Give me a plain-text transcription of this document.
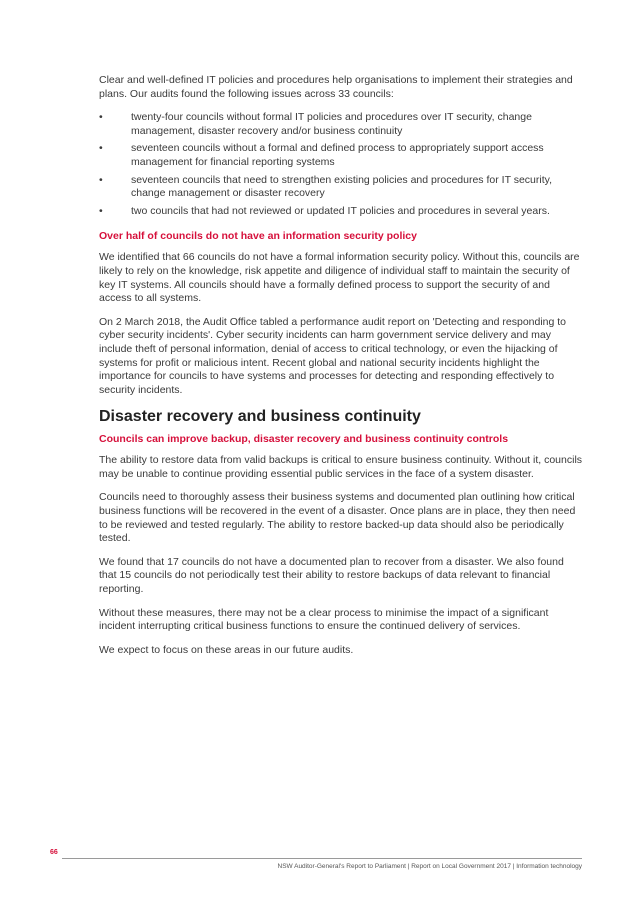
Clear and well-defined IT policies and procedures help organisations to implement their strategies and plans. Our audits found the following issues across 33 councils:

•	twenty-four councils without formal IT policies and procedures over IT security, change management, disaster recovery and/or business continuity
•	seventeen councils without a formal and defined process to appropriately support access management for financial reporting systems
•	seventeen councils that need to strengthen existing policies and procedures for IT security, change management or disaster recovery
•	two councils that had not reviewed or updated IT policies and procedures in several years.
Over half of councils do not have an information security policy

We identified that 66 councils do not have a formal information security policy. Without this, councils are likely to rely on the knowledge, risk appetite and diligence of individual staff to maintain the security of key IT systems. All councils should have a formally defined process to support the security of and access to all systems.

On 2 March 2018, the Audit Office tabled a performance audit report on 'Detecting and responding to cyber security incidents'. Cyber security incidents can harm government service delivery and may include theft of personal information, denial of access to critical technology, or even the hijacking of systems for profit or malicious intent. Recent global and national security incidents highlight the importance for councils to have systems and processes for detecting and responding effectively to security incidents.

Disaster recovery and business continuity
Councils can improve backup, disaster recovery and business continuity controls

The ability to restore data from valid backups is critical to ensure business continuity. Without it, councils may be unable to continue providing essential public services in the face of a system disaster.

Councils need to thoroughly assess their business systems and documented plan outlining how critical business functions will be recovered in the event of a disaster. Once plans are in place, they then need to be reviewed and tested regularly. The ability to restore backed-up data should also be periodically tested.

We found that 17 councils do not have a documented plan to recover from a disaster. We also found that 15 councils do not periodically test their ability to restore backups of data relevant to financial reporting.

Without these measures, there may not be a clear process to minimise the impact of a significant incident interrupting critical business functions to ensure the continued delivery of services.

We expect to focus on these areas in our future audits.

66
NSW Auditor-General's Report to Parliament | Report on Local Government 2017 | Information technology
